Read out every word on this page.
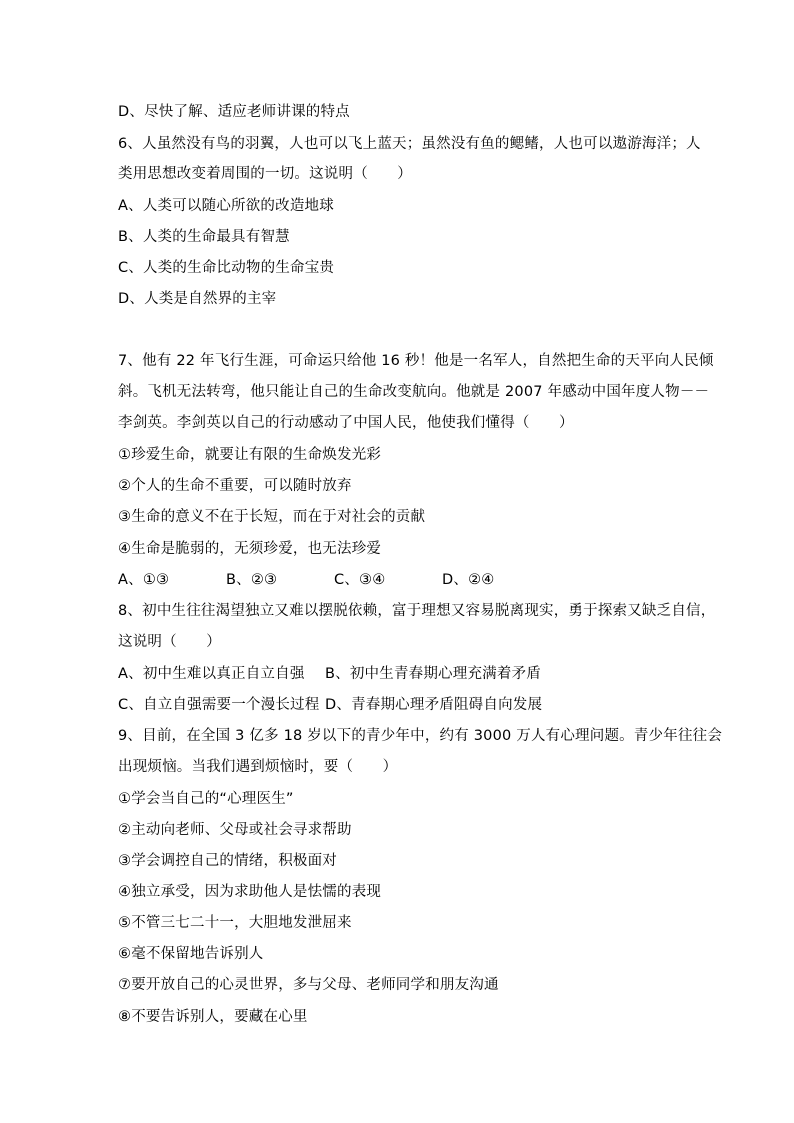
D、尽快了解、适应老师讲课的特点
6、人虽然没有鸟的羽翼，人也可以飞上蓝天；虽然没有鱼的鳃鳍，人也可以遨游海洋；人
类用思想改变着周围的一切。这说明（　　）
A、人类可以随心所欲的改造地球
B、人类的生命最具有智慧
C、人类的生命比动物的生命宝贵
D、人类是自然界的主宰
7、他有 22 年飞行生涯，可命运只给他 16 秒！他是一名军人，自然把生命的天平向人民倾
斜。飞机无法转弯，他只能让自己的生命改变航向。他就是 2007 年感动中国年度人物－－
李剑英。李剑英以自己的行动感动了中国人民，他使我们懂得（　　）
①珍爱生命，就要让有限的生命焕发光彩
②个人的生命不重要，可以随时放弃
③生命的意义不在于长短，而在于对社会的贡献
④生命是脆弱的，无须珍爱，也无法珍爱
A、①③	B、②③	C、③④	D、②④
8、初中生往往渴望独立又难以摆脱依赖，富于理想又容易脱离现实，勇于探索又缺乏自信，
这说明（　　）
A、初中生难以真正自立自强	B、初中生青春期心理充满着矛盾
C、自立自强需要一个漫长过程 D、青春期心理矛盾阻碍自向发展
9、目前，在全国 3 亿多 18 岁以下的青少年中，约有 3000 万人有心理问题。青少年往往会
出现烦恼。当我们遇到烦恼时，要（　　）
①学会当自己的“心理医生”
②主动向老师、父母或社会寻求帮助
③学会调控自己的情绪，积极面对
④独立承受，因为求助他人是怯懦的表现
⑤不管三七二十一，大胆地发泄屈来
⑥毫不保留地告诉别人
⑦要开放自己的心灵世界，多与父母、老师同学和朋友沟通
⑧不要告诉别人，要藏在心里
